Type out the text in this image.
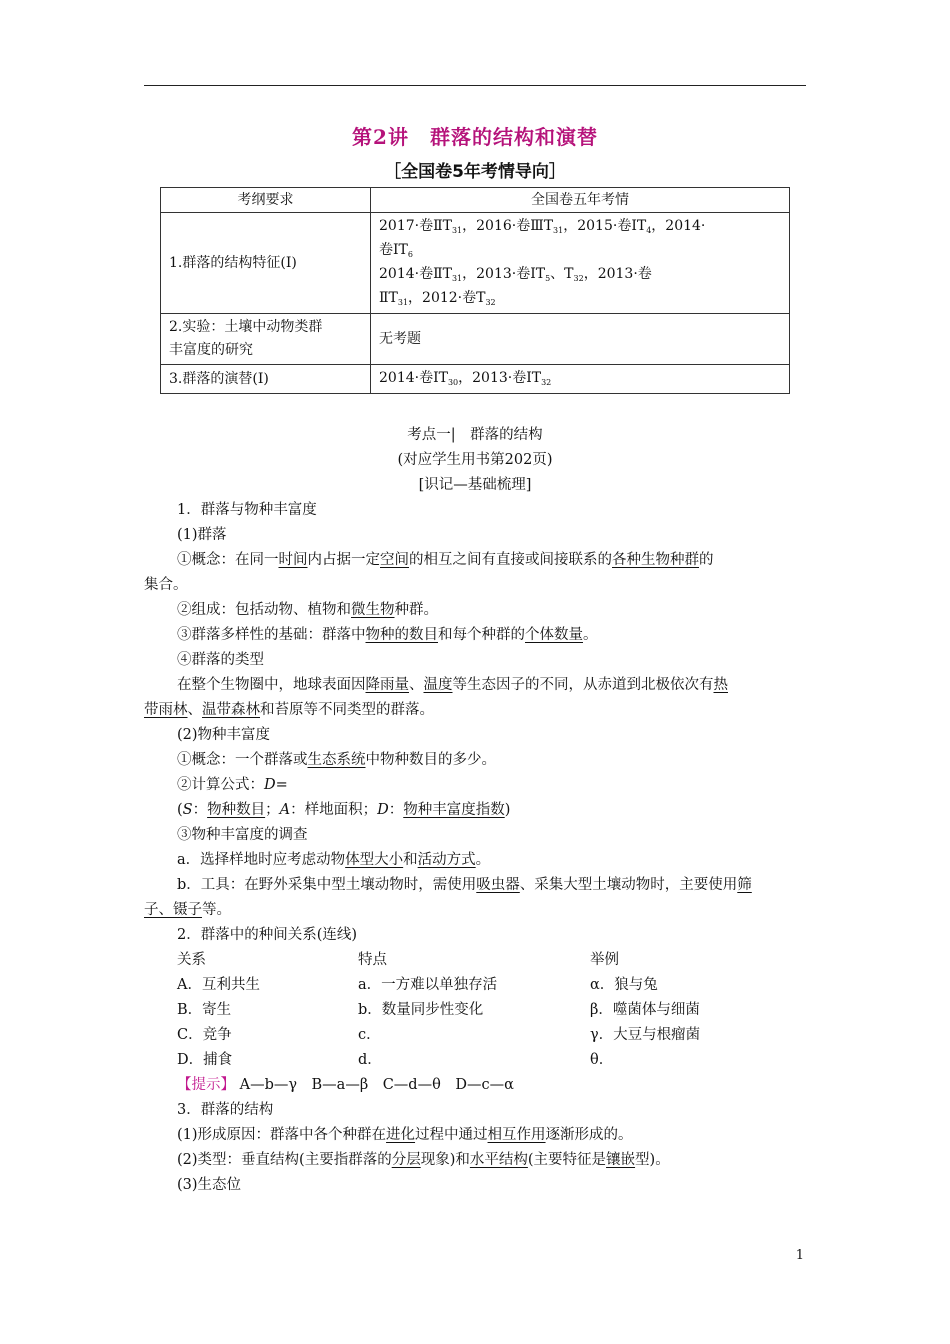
第2讲　群落的结构和演替
［全国卷5年考情导向］
考纲要求	全国卷五年考情
1.群落的结构特征(Ⅰ)	2017·卷$ⅡT_{31}$，2016·卷$ⅢT_{31}$，2015·卷$ⅠT_4$，2014·
卷$ⅠT_6$
2014·卷$ⅡT_{31}$，2013·卷$ⅠT_5$、$T_{32}$，2013·卷
$ⅡT_{31}$，2012·卷$T_{32}$
2.实验：土壤中动物类群
丰富度的研究	无考题
3.群落的演替(Ⅰ)	2014·卷$ⅠT_{30}$，2013·卷$ⅠT_{32}$
考点一|　群落的结构
(对应学生用书第202页)
[识记—基础梳理]
1．群落与物种丰富度
(1)群落
①概念：在同一时间内占据一定空间的相互之间有直接或间接联系的各种生物种群的
集合。
②组成：包括动物、植物和微生物种群。
③群落多样性的基础：群落中物种的数目和每个种群的个体数量。
④群落的类型
在整个生物圈中，地球表面因降雨量、温度等生态因子的不同，从赤道到北极依次有热
带雨林、温带森林和苔原等不同类型的群落。
(2)物种丰富度
①概念：一个群落或生态系统中物种数目的多少。
②计算公式：D=
(S：物种数目；A：样地面积；D：物种丰富度指数)
③物种丰富度的调查
a．选择样地时应考虑动物体型大小和活动方式。
b．工具：在野外采集中型土壤动物时，需使用吸虫器、采集大型土壤动物时，主要使用筛
子、镊子等。
2．群落中的种间关系(连线)
关系	特点	举例
A．互利共生	a．一方难以单独存活	α．狼与兔
B．寄生	b．数量同步性变化	β．噬菌体与细菌
C．竞争	c．	γ．大豆与根瘤菌
D．捕食	d．	θ．
【提示】 A—b—γ　B—a—β　C—d—θ　D—c—α
3．群落的结构
(1)形成原因：群落中各个种群在进化过程中通过相互作用逐渐形成的。
(2)类型：垂直结构(主要指群落的分层现象)和水平结构(主要特征是镶嵌型)。
(3)生态位
1
